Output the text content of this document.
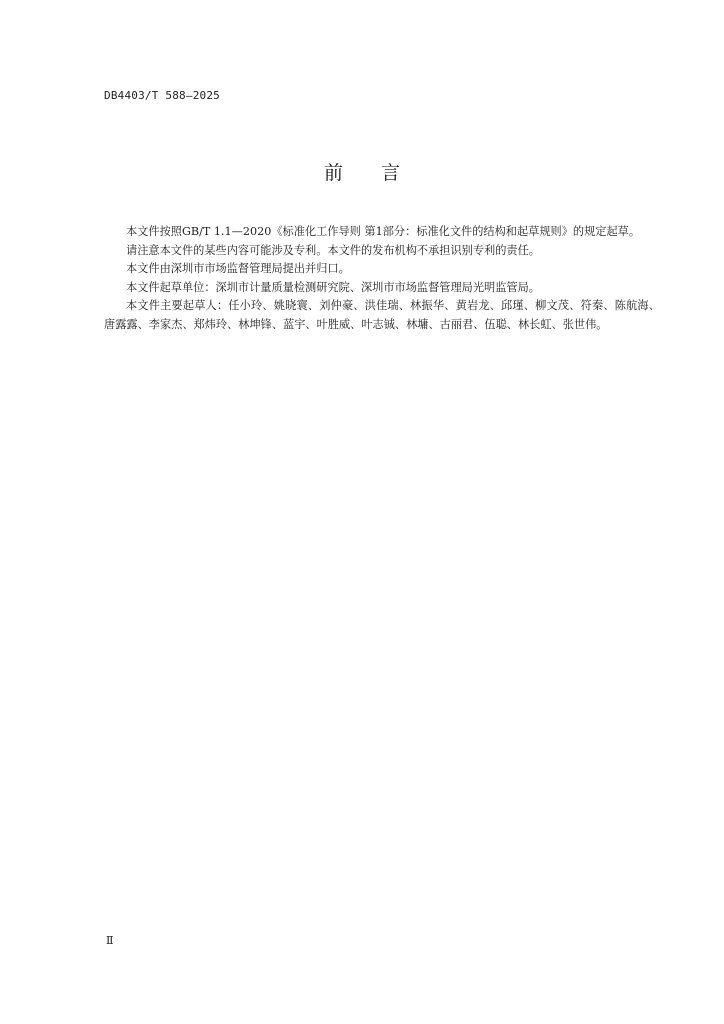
DB4403/T 588—2025
前言

本文件按照GB/T 1.1—2020《标准化工作导则 第1部分：标准化文件的结构和起草规则》的规定起草。

请注意本文件的某些内容可能涉及专利。本文件的发布机构不承担识别专利的责任。

本文件由深圳市市场监督管理局提出并归口。

本文件起草单位：深圳市计量质量检测研究院、深圳市市场监督管理局光明监管局。

本文件主要起草人：任小玲、姚晓寰、刘仲豪、洪佳瑞、林振华、黄岩龙、邱瑾、柳文茂、符秦、陈航海、唐露露、李家杰、郑炜玲、林坤锋、蓝宇、叶胜威、叶志铖、林墉、古丽君、伍聪、林长虹、张世伟。

Ⅱ
